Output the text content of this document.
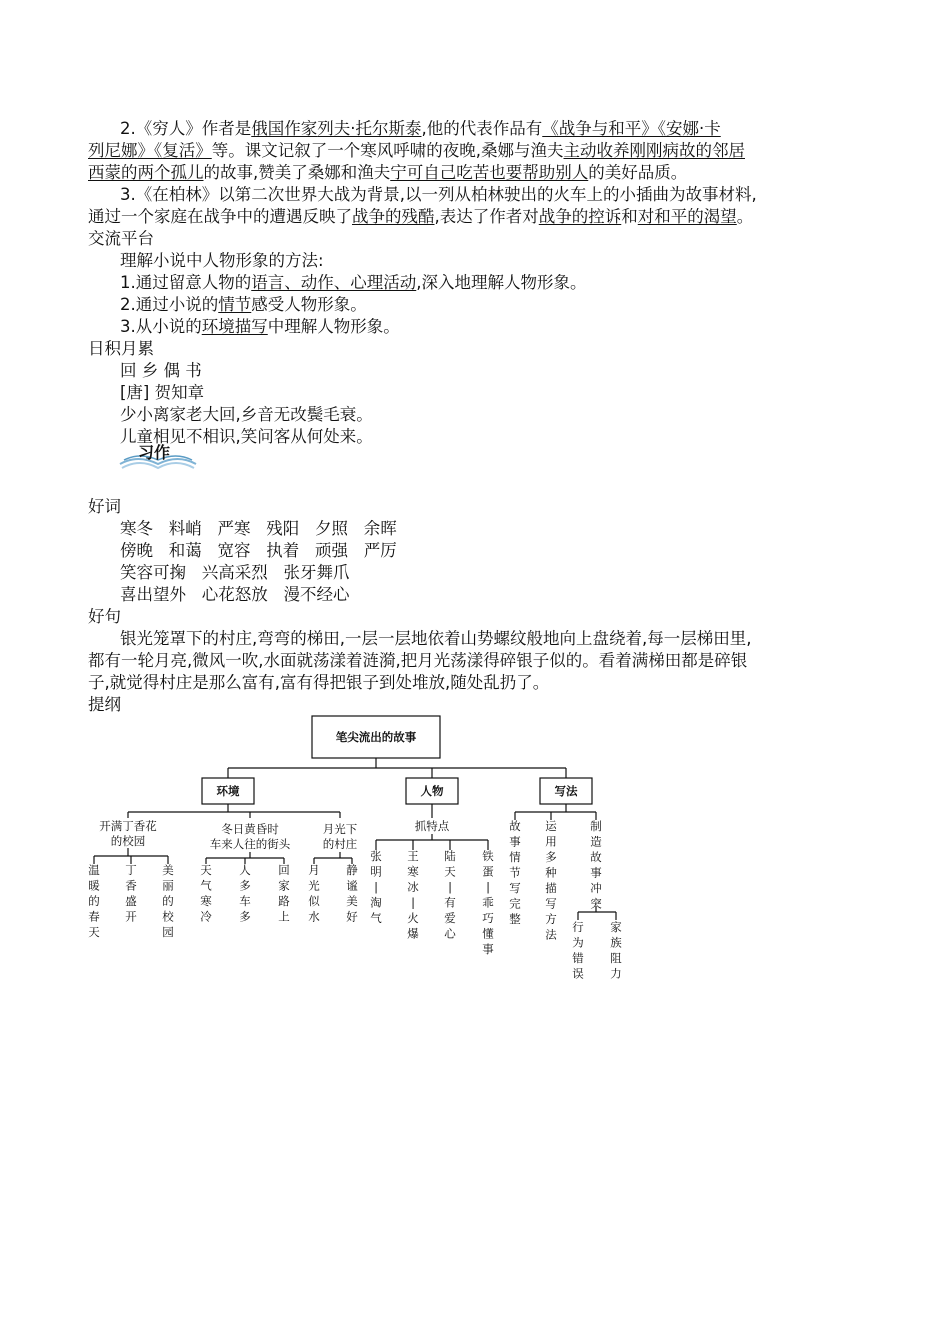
2.《穷人》作者是俄国作家列夫·托尔斯泰,他的代表作品有《战争与和平》《安娜·卡
列尼娜》《复活》等。课文记叙了一个寒风呼啸的夜晚,桑娜与渔夫主动收养刚刚病故的邻居
西蒙的两个孤儿的故事,赞美了桑娜和渔夫宁可自己吃苦也要帮助别人的美好品质。
3.《在柏林》以第二次世界大战为背景,以一列从柏林驶出的火车上的小插曲为故事材料,
通过一个家庭在战争中的遭遇反映了战争的残酷,表达了作者对战争的控诉和对和平的渴望。
交流平台
理解小说中人物形象的方法:
1.通过留意人物的语言、动作、心理活动,深入地理解人物形象。
2.通过小说的情节感受人物形象。
3.从小说的环境描写中理解人物形象。
日积月累
回 乡 偶 书
[唐] 贺知章
少小离家老大回,乡音无改鬓毛衰。
儿童相见不相识,笑问客从何处来。
习作
好词
寒冬 料峭 严寒 残阳 夕照 余晖
傍晚 和蔼 宽容 执着 顽强 严厉
笑容可掬 兴高采烈 张牙舞爪
喜出望外 心花怒放 漫不经心
好句
银光笼罩下的村庄,弯弯的梯田,一层一层地依着山势螺纹般地向上盘绕着,每一层梯田里,
都有一轮月亮,微风一吹,水面就荡漾着涟漪,把月光荡漾得碎银子似的。看着满梯田都是碎银
子,就觉得村庄是那么富有,富有得把银子到处堆放,随处乱扔了。
提纲
笔尖流出的故事
环境	人物	写法
开满丁香花
的校园
冬日黄昏时
车来人往的街头
月光下
的村庄
抓特点
温暖的春天
丁香盛开
美丽的校园
天气寒冷
人多车多
回家路上
月光似水
静谧美好
张明|淘气
王寒冰|火爆
陆天|有爱心
铁蛋|乖巧懂事
故事情节写完整
运用多种描写方法
制造故事冲突
行为错误
家族阻力
